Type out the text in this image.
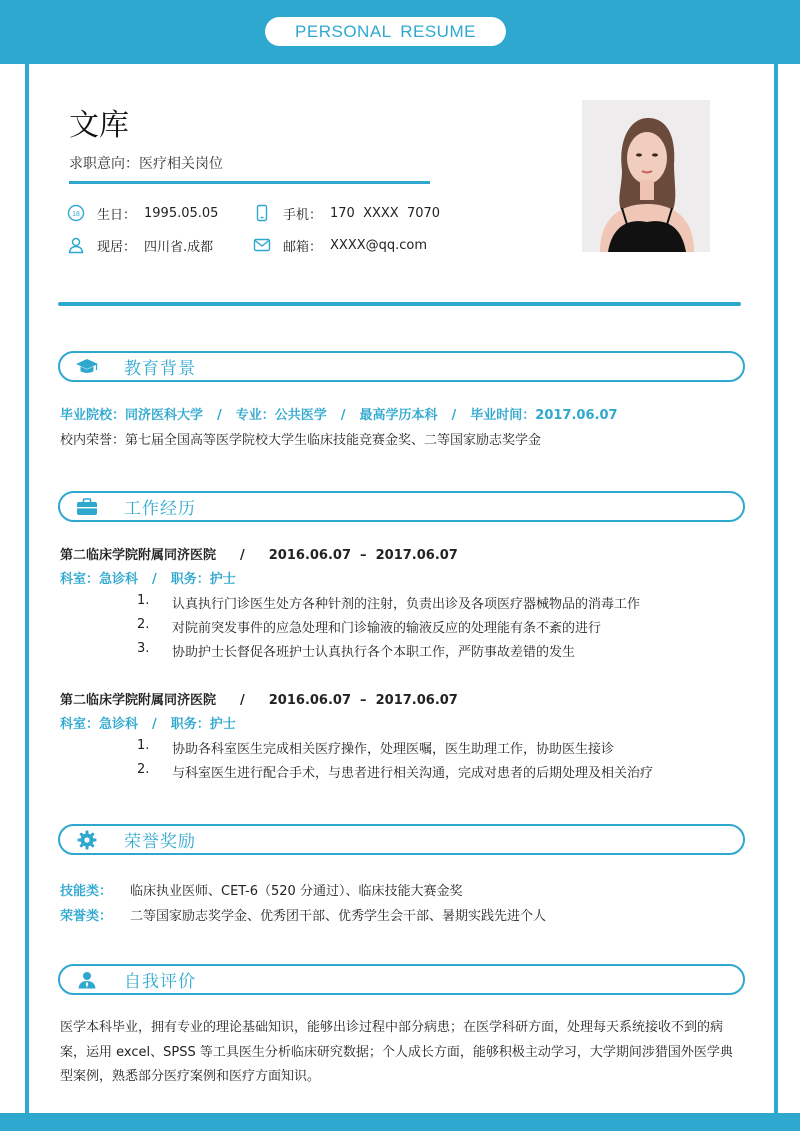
PERSONAL RESUME
文库
求职意向：医疗相关岗位
18 生日： 1995.05.05	手机： 170  XXXX  7070
现居： 四川省.成都	邮箱： XXXX@qq.com
教育背景
毕业院校：同济医科大学 / 专业：公共医学 / 最高学历本科 / 毕业时间：2017.06.07
校内荣誉：第七届全国高等医学院校大学生临床技能竞赛金奖、二等国家励志奖学金
工作经历
第二临床学院附属同济医院 / 2016.06.07  –  2017.06.07
科室：急诊科 / 职务：护士
1.	认真执行门诊医生处方各种针剂的注射，负责出诊及各项医疗器械物品的消毒工作
2.	对院前突发事件的应急处理和门诊输液的输液反应的处理能有条不紊的进行
3.	协助护士长督促各班护士认真执行各个本职工作，严防事故差错的发生
第二临床学院附属同济医院 / 2016.06.07  –  2017.06.07
科室：急诊科 / 职务：护士
1.	协助各科室医生完成相关医疗操作，处理医嘱，医生助理工作，协助医生接诊
2.	与科室医生进行配合手术，与患者进行相关沟通，完成对患者的后期处理及相关治疗
荣誉奖励
技能类： 临床执业医师、CET-6（520 分通过）、临床技能大赛金奖
荣誉类： 二等国家励志奖学金、优秀团干部、优秀学生会干部、暑期实践先进个人
自我评价
医学本科毕业，拥有专业的理论基础知识，能够出诊过程中部分病患；在医学科研方面，处理每天系统接收不到的病案，运用 excel、SPSS 等工具医生分析临床研究数据；个人成长方面，能够积极主动学习，大学期间涉猎国外医学典型案例，熟悉部分医疗案例和医疗方面知识。
